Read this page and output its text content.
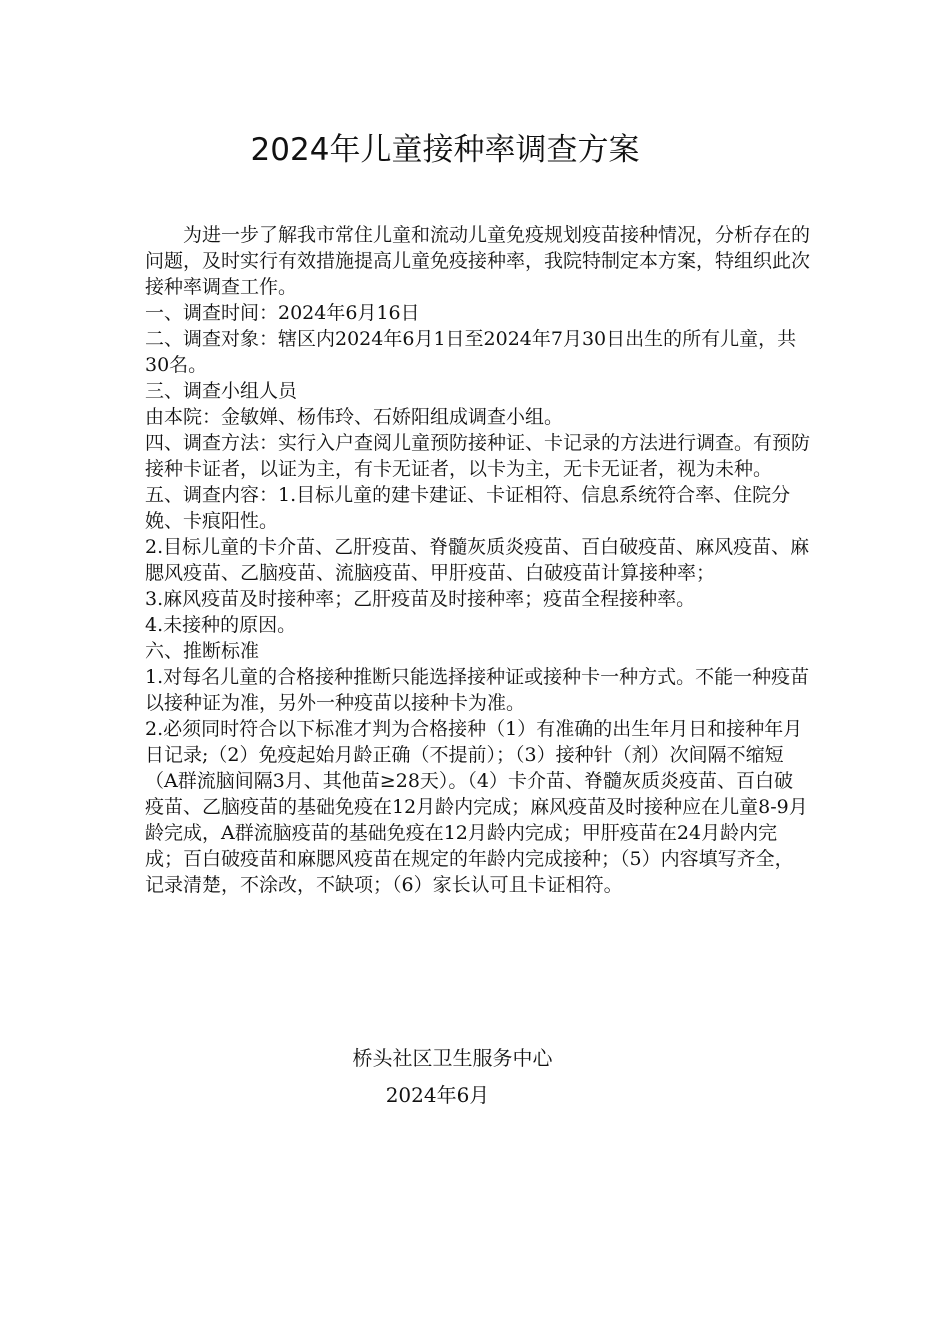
2024年儿童接种率调查方案

为进一步了解我市常住儿童和流动儿童免疫规划疫苗接种情况，分析存在的问题，及时实行有效措施提高儿童免疫接种率，我院特制定本方案，特组织此次接种率调查工作。

一、调查时间：2024年6月16日

二、调查对象：辖区内2024年6月1日至2024年7月30日出生的所有儿童，共30名。

三、调查小组人员

由本院：金敏婵、杨伟玲、石娇阳组成调查小组。

四、调查方法：实行入户查阅儿童预防接种证、卡记录的方法进行调查。有预防接种卡证者，以证为主，有卡无证者，以卡为主，无卡无证者，视为未种。

五、调查内容：1.目标儿童的建卡建证、卡证相符、信息系统符合率、住院分娩、卡痕阳性。

2.目标儿童的卡介苗、乙肝疫苗、脊髓灰质炎疫苗、百白破疫苗、麻风疫苗、麻腮风疫苗、乙脑疫苗、流脑疫苗、甲肝疫苗、白破疫苗计算接种率；

3.麻风疫苗及时接种率；乙肝疫苗及时接种率；疫苗全程接种率。

4.未接种的原因。

六、推断标准

1.对每名儿童的合格接种推断只能选择接种证或接种卡一种方式。不能一种疫苗以接种证为准，另外一种疫苗以接种卡为准。

2.必须同时符合以下标准才判为合格接种（1）有准确的出生年月日和接种年月日记录;（2）免疫起始月龄正确（不提前）；（3）接种针（剂）次间隔不缩短（A群流脑间隔3月、其他苗≥28天）。（4）卡介苗、脊髓灰质炎疫苗、百白破疫苗、乙脑疫苗的基础免疫在12月龄内完成；麻风疫苗及时接种应在儿童8-9月龄完成，A群流脑疫苗的基础免疫在12月龄内完成；甲肝疫苗在24月龄内完成；百白破疫苗和麻腮风疫苗在规定的年龄内完成接种；（5）内容填写齐全，记录清楚，不涂改，不缺项；（6）家长认可且卡证相符。

桥头社区卫生服务中心
2024年6月
